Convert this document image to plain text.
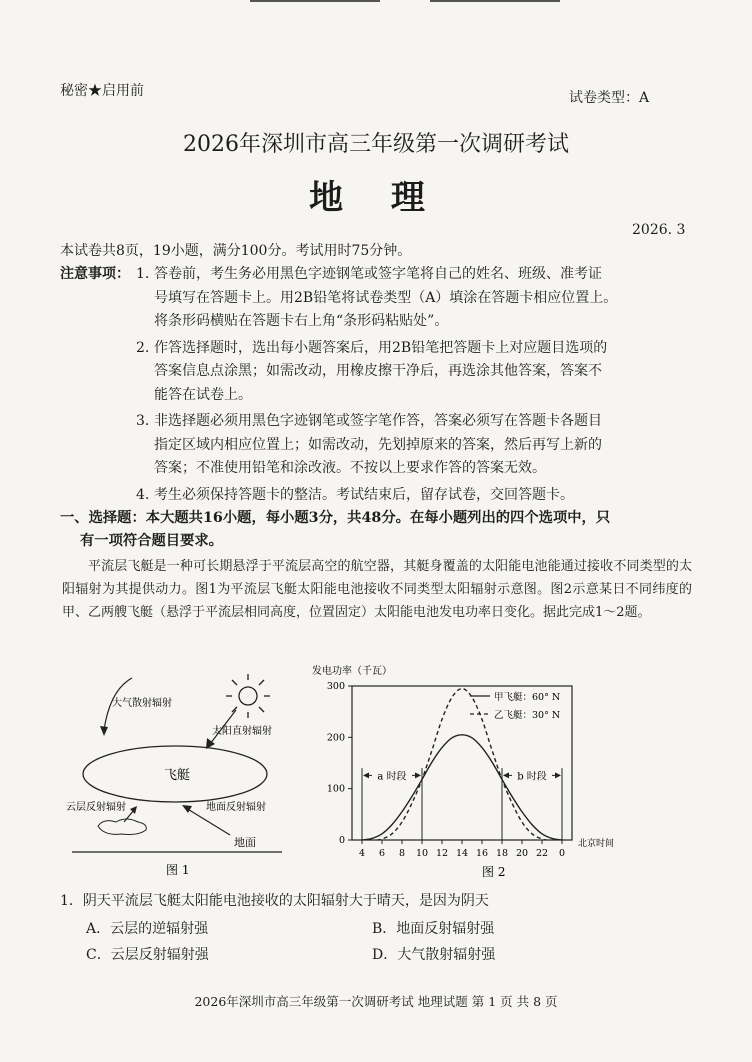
秘密★启用前	试卷类型：A
2026年深圳市高三年级第一次调研考试
地 理
2026. 3
本试卷共8页，19小题，满分100分。考试用时75分钟。
注意事项： 1. 答卷前，考生务必用黑色字迹钢笔或签字笔将自己的姓名、班级、准考证
号填写在答题卡上。用2B铅笔将试卷类型（A）填涂在答题卡相应位置上。
将条形码横贴在答题卡右上角“条形码粘贴处”。
2. 作答选择题时，选出每小题答案后，用2B铅笔把答题卡上对应题目选项的
答案信息点涂黑；如需改动，用橡皮擦干净后，再选涂其他答案，答案不
能答在试卷上。
3. 非选择题必须用黑色字迹钢笔或签字笔作答，答案必须写在答题卡各题目
指定区域内相应位置上；如需改动，先划掉原来的答案，然后再写上新的
答案；不准使用铅笔和涂改液。不按以上要求作答的答案无效。
4. 考生必须保持答题卡的整洁。考试结束后，留存试卷，交回答题卡。
一、选择题：本大题共16小题，每小题3分，共48分。在每小题列出的四个选项中，只
有一项符合题目要求。

平流层飞艇是一种可长期悬浮于平流层高空的航空器，其艇身覆盖的太阳能电池能通过接收不同类型的太阳辐射为其提供动力。图1为平流层飞艇太阳能电池接收不同类型太阳辐射示意图。图2示意某日不同纬度的甲、乙两艘飞艇（悬浮于平流层相同高度，位置固定）太阳能电池发电功率日变化。据此完成1～2题。

大气散射辐射
太阳直射辐射
飞艇
云层反射辐射	地面反射辐射
地面
图 1
发电功率（千瓦）
4 6 8 10 12 14 16 18 20 22 0
0
100
200
300
a 时段	b 时段
甲飞艇：60° N
乙飞艇：30° N
北京时间
图 2
1．阴天平流层飞艇太阳能电池接收的太阳辐射大于晴天，是因为阴天
A．云层的逆辐射强	B．地面反射辐射强
C．云层反射辐射强	D．大气散射辐射强
2026年深圳市高三年级第一次调研考试 地理试题 第 1 页 共 8 页
